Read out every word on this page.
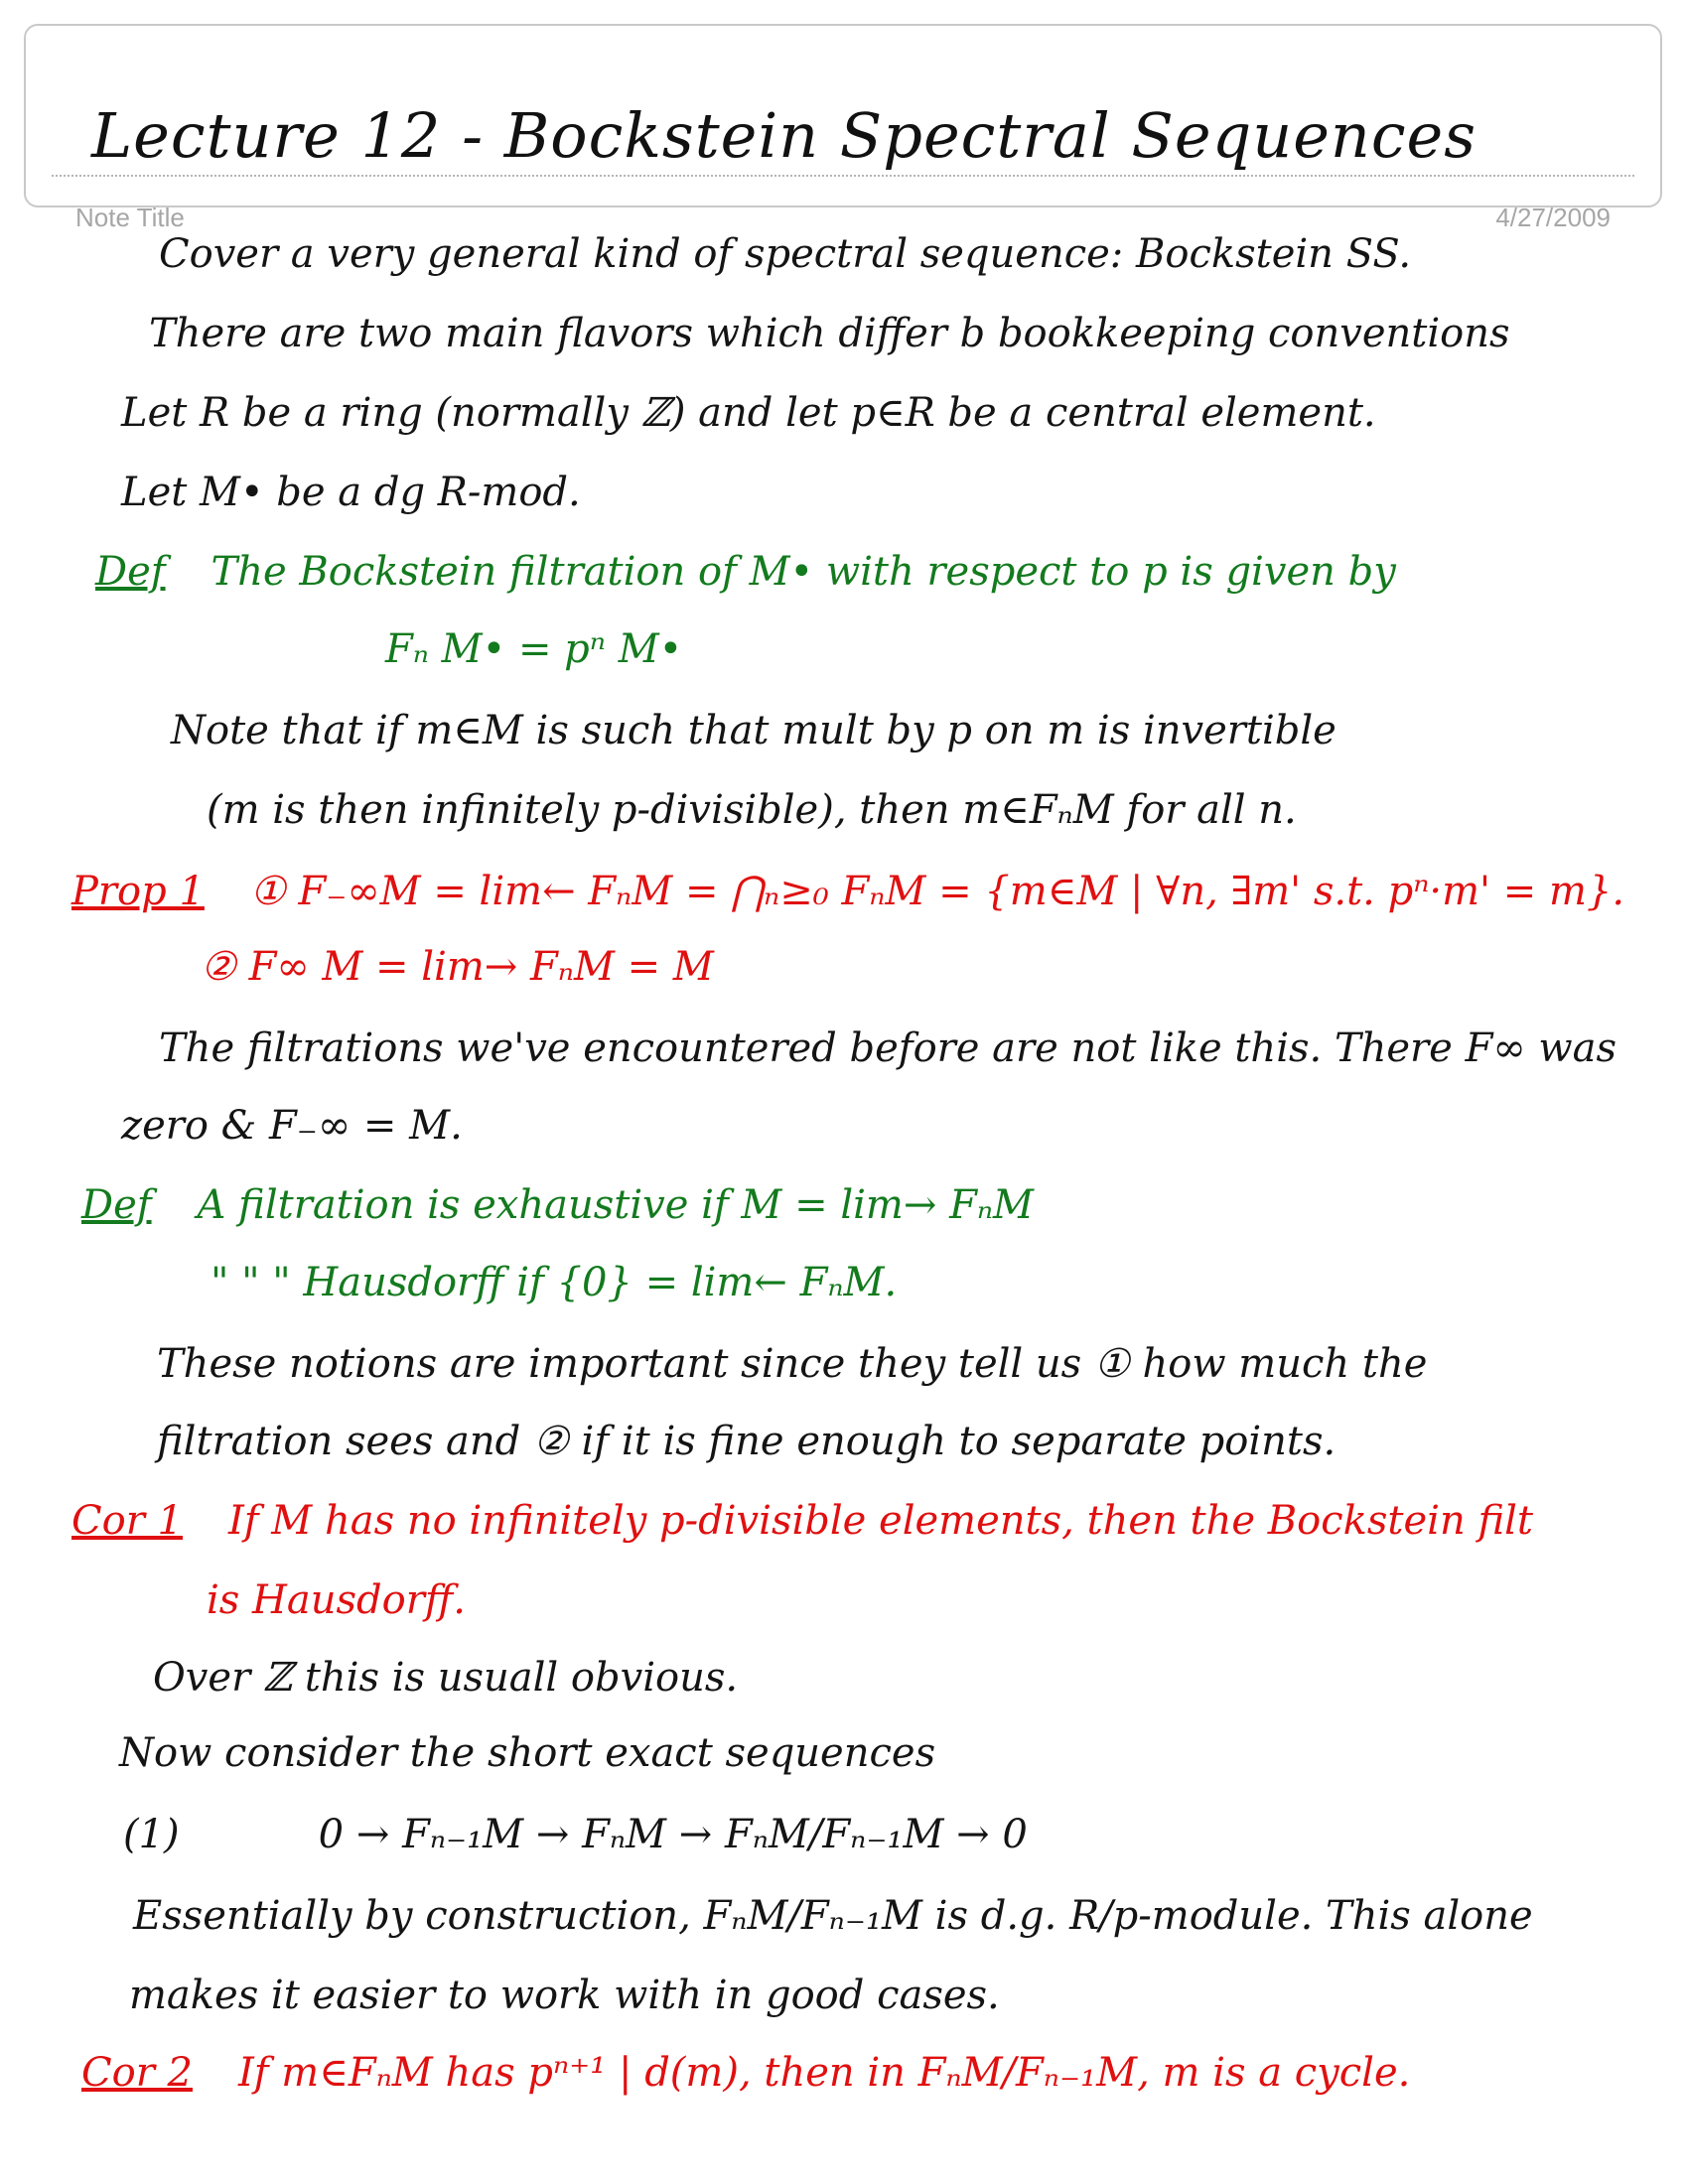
Note Title	4/27/2009
Lecture 12 - Bockstein Spectral Sequences
Cover a very general kind of spectral sequence: Bockstein SS.
There are two main flavors which differ b bookkeeping conventions
Let R be a ring (normally ℤ) and let p∈R be a central element.
Let M• be a dg R-mod.
Def The Bockstein filtration of M• with respect to p is given by
Fₙ M• = pⁿ M•
Note that if m∈M is such that mult by p on m is invertible
(m is then infinitely p-divisible), then m∈FₙM for all n.
Prop 1 ① F₋∞M = lim← FₙM = ⋂ₙ≥₀ FₙM = {m∈M | ∀n, ∃m' s.t. pⁿ·m' = m}.
② F∞ M = lim→ FₙM = M
The filtrations we've encountered before are not like this. There F∞ was
zero & F₋∞ = M.
Def A filtration is exhaustive if M = lim→ FₙM
" " " Hausdorff if {0} = lim← FₙM.
These notions are important since they tell us ① how much the
filtration sees and ② if it is fine enough to separate points.
Cor 1 If M has no infinitely p-divisible elements, then the Bockstein filt
is Hausdorff.
Over ℤ this is usuall obvious.
Now consider the short exact sequences
(1)	0 → Fₙ₋₁M → FₙM → FₙM/Fₙ₋₁M → 0
Essentially by construction, FₙM/Fₙ₋₁M is d.g. R/p-module. This alone
makes it easier to work with in good cases.
Cor 2 If m∈FₙM has pⁿ⁺¹ | d(m), then in FₙM/Fₙ₋₁M, m is a cycle.
